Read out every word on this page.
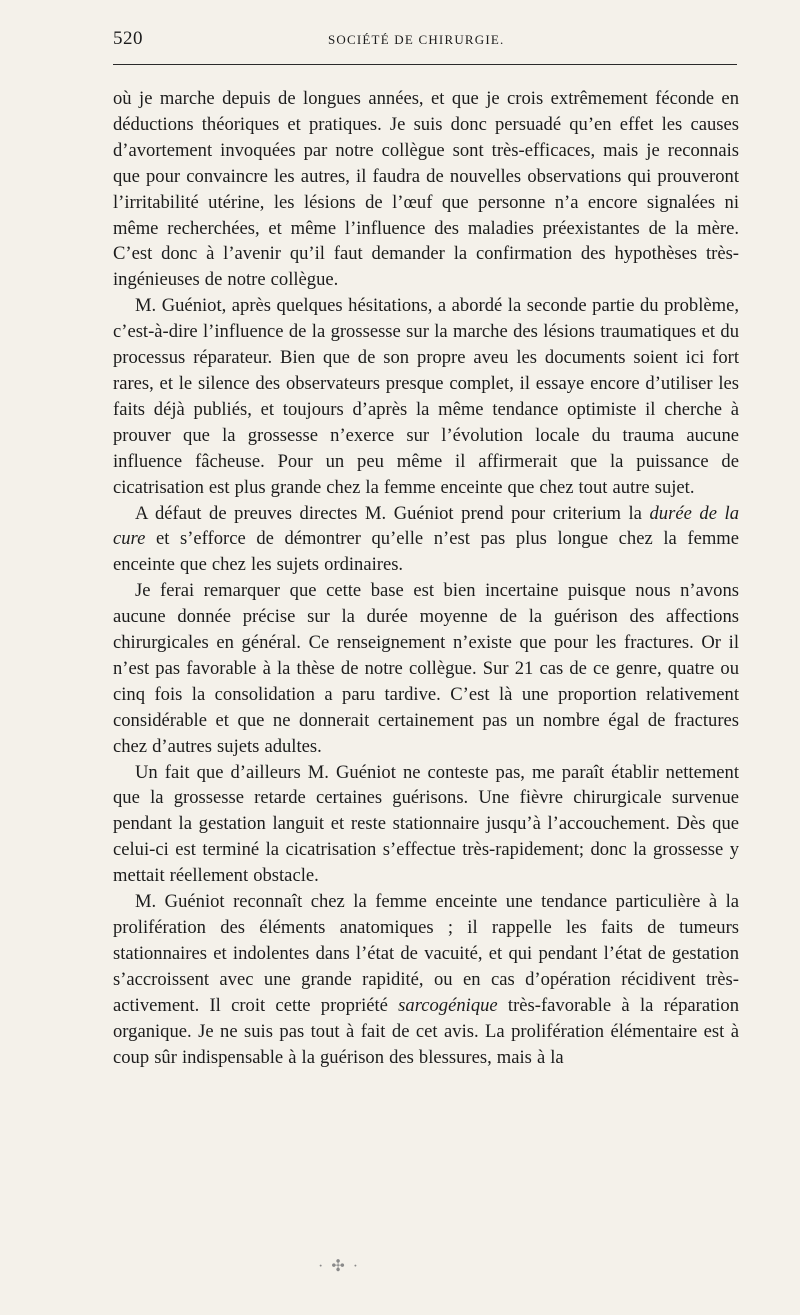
520	SOCIÉTÉ DE CHIRURGIE.

où je marche depuis de longues années, et que je crois extrêmement féconde en déductions théoriques et pratiques. Je suis donc persuadé qu’en effet les causes d’avortement invoquées par notre collègue sont très-efficaces, mais je reconnais que pour convaincre les autres, il faudra de nouvelles observations qui prouveront l’irritabilité utérine, les lésions de l’œuf que personne n’a encore signalées ni même recherchées, et même l’influence des maladies préexistantes de la mère. C’est donc à l’avenir qu’il faut demander la confirmation des hypothèses très-ingénieuses de notre collègue.

M. Guéniot, après quelques hésitations, a abordé la seconde partie du problème, c’est-à-dire l’influence de la grossesse sur la marche des lésions traumatiques et du processus réparateur. Bien que de son propre aveu les documents soient ici fort rares, et le silence des observateurs presque complet, il essaye encore d’utiliser les faits déjà publiés, et toujours d’après la même tendance optimiste il cherche à prouver que la grossesse n’exerce sur l’évolution locale du trauma aucune influence fâcheuse. Pour un peu même il affirmerait que la puissance de cicatrisation est plus grande chez la femme enceinte que chez tout autre sujet.

A défaut de preuves directes M. Guéniot prend pour criterium la durée de la cure et s’efforce de démontrer qu’elle n’est pas plus longue chez la femme enceinte que chez les sujets ordinaires.

Je ferai remarquer que cette base est bien incertaine puisque nous n’avons aucune donnée précise sur la durée moyenne de la guérison des affections chirurgicales en général. Ce renseignement n’existe que pour les fractures. Or il n’est pas favorable à la thèse de notre collègue. Sur 21 cas de ce genre, quatre ou cinq fois la consolidation a paru tardive. C’est là une proportion relativement considérable et que ne donnerait certainement pas un nombre égal de fractures chez d’autres sujets adultes.

Un fait que d’ailleurs M. Guéniot ne conteste pas, me paraît établir nettement que la grossesse retarde certaines guérisons. Une fièvre chirurgicale survenue pendant la gestation languit et reste stationnaire jusqu’à l’accouchement. Dès que celui-ci est terminé la cicatrisation s’effectue très-rapidement; donc la grossesse y mettait réellement obstacle.

M. Guéniot reconnaît chez la femme enceinte une tendance particulière à la prolifération des éléments anatomiques ; il rappelle les faits de tumeurs stationnaires et indolentes dans l’état de vacuité, et qui pendant l’état de gestation s’accroissent avec une grande rapidité, ou en cas d’opération récidivent très-activement. Il croit cette propriété sarcogénique très-favorable à la réparation organique. Je ne suis pas tout à fait de cet avis. La prolifération élémentaire est à coup sûr indispensable à la guérison des blessures, mais à la

· ✣ ·
